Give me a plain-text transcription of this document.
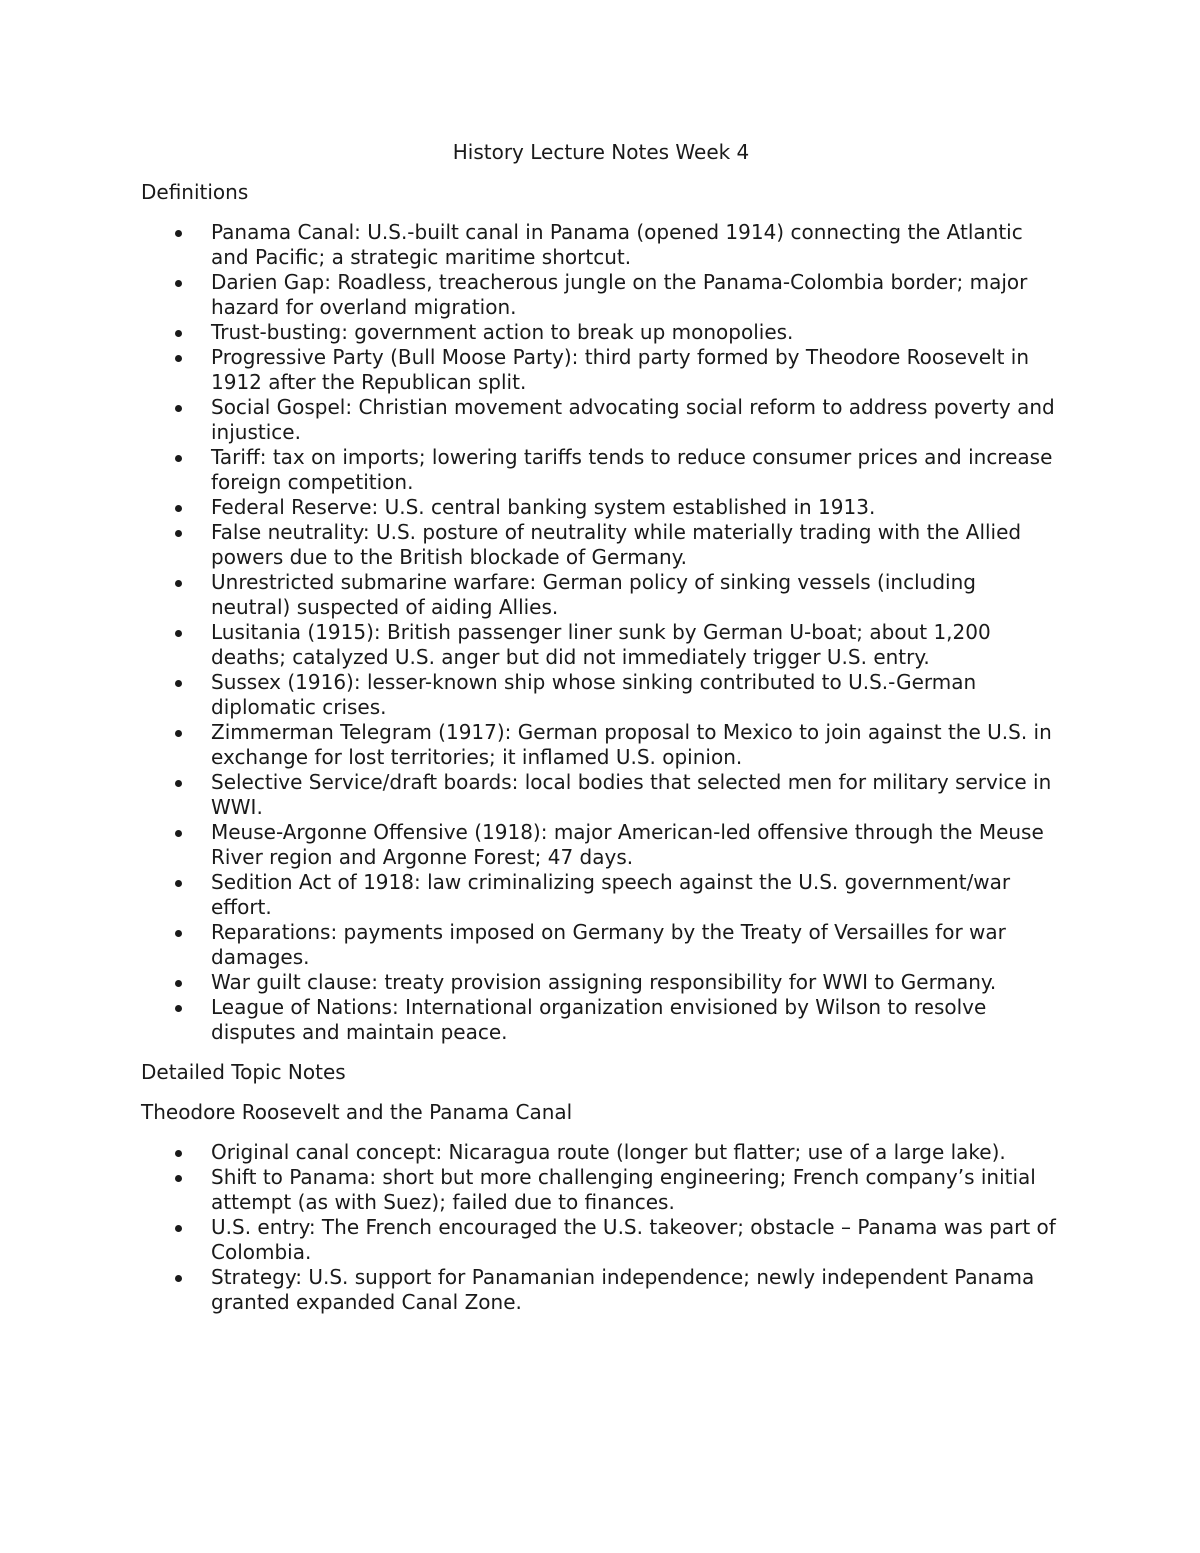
History Lecture Notes Week 4
Definitions
Panama Canal: U.S.-built canal in Panama (opened 1914) connecting the Atlantic and Pacific; a strategic maritime shortcut.
Darien Gap: Roadless, treacherous jungle on the Panama-Colombia border; major hazard for overland migration.
Trust-busting: government action to break up monopolies.
Progressive Party (Bull Moose Party): third party formed by Theodore Roosevelt in 1912 after the Republican split.
Social Gospel: Christian movement advocating social reform to address poverty and injustice.
Tariff: tax on imports; lowering tariffs tends to reduce consumer prices and increase foreign competition.
Federal Reserve: U.S. central banking system established in 1913.
False neutrality: U.S. posture of neutrality while materially trading with the Allied powers due to the British blockade of Germany.
Unrestricted submarine warfare: German policy of sinking vessels (including neutral) suspected of aiding Allies.
Lusitania (1915): British passenger liner sunk by German U-boat; about 1,200 deaths; catalyzed U.S. anger but did not immediately trigger U.S. entry.
Sussex (1916): lesser-known ship whose sinking contributed to U.S.-German diplomatic crises.
Zimmerman Telegram (1917): German proposal to Mexico to join against the U.S. in exchange for lost territories; it inflamed U.S. opinion.
Selective Service/draft boards: local bodies that selected men for military service in WWI.
Meuse-Argonne Offensive (1918): major American-led offensive through the Meuse River region and Argonne Forest; 47 days.
Sedition Act of 1918: law criminalizing speech against the U.S. government/war effort.
Reparations: payments imposed on Germany by the Treaty of Versailles for war damages.
War guilt clause: treaty provision assigning responsibility for WWI to Germany.
League of Nations: International organization envisioned by Wilson to resolve disputes and maintain peace.
Detailed Topic Notes
Theodore Roosevelt and the Panama Canal
Original canal concept: Nicaragua route (longer but flatter; use of a large lake).
Shift to Panama: short but more challenging engineering; French company’s initial attempt (as with Suez); failed due to finances.
U.S. entry: The French encouraged the U.S. takeover; obstacle – Panama was part of Colombia.
Strategy: U.S. support for Panamanian independence; newly independent Panama granted expanded Canal Zone.
